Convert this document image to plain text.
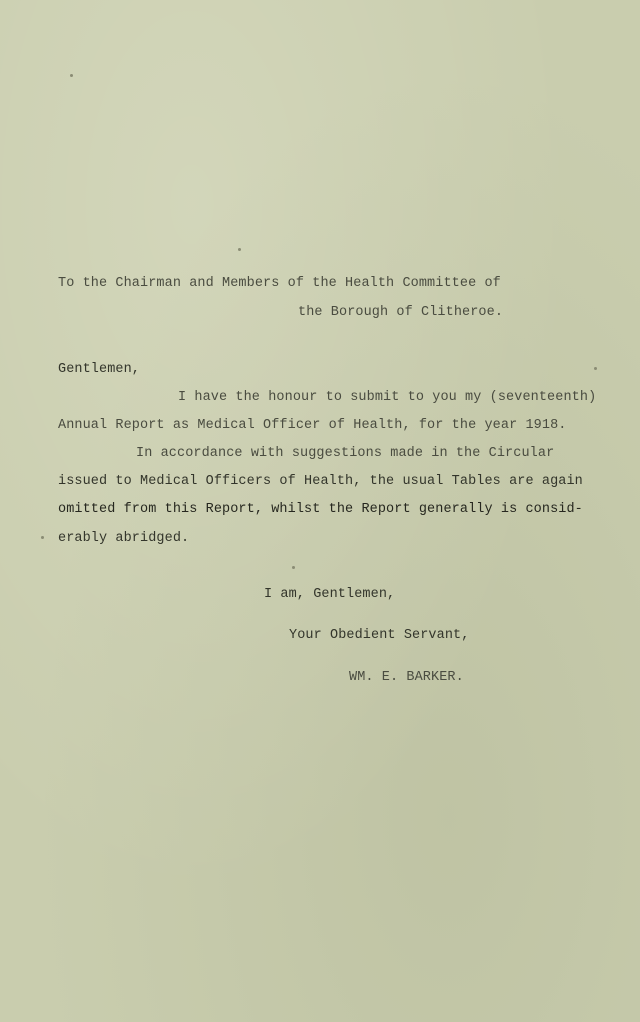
To the Chairman and Members of the Health Committee of
the Borough of Clitheroe.
Gentlemen,
I have the honour to submit to you my (seventeenth)
Annual Report as Medical Officer of Health, for the year 1918.
In accordance with suggestions made in the Circular
issued to Medical Officers of Health, the usual Tables are again
omitted from this Report, whilst the Report generally is consid-
erably abridged.
I am, Gentlemen,
Your Obedient Servant,
WM. E. BARKER.
